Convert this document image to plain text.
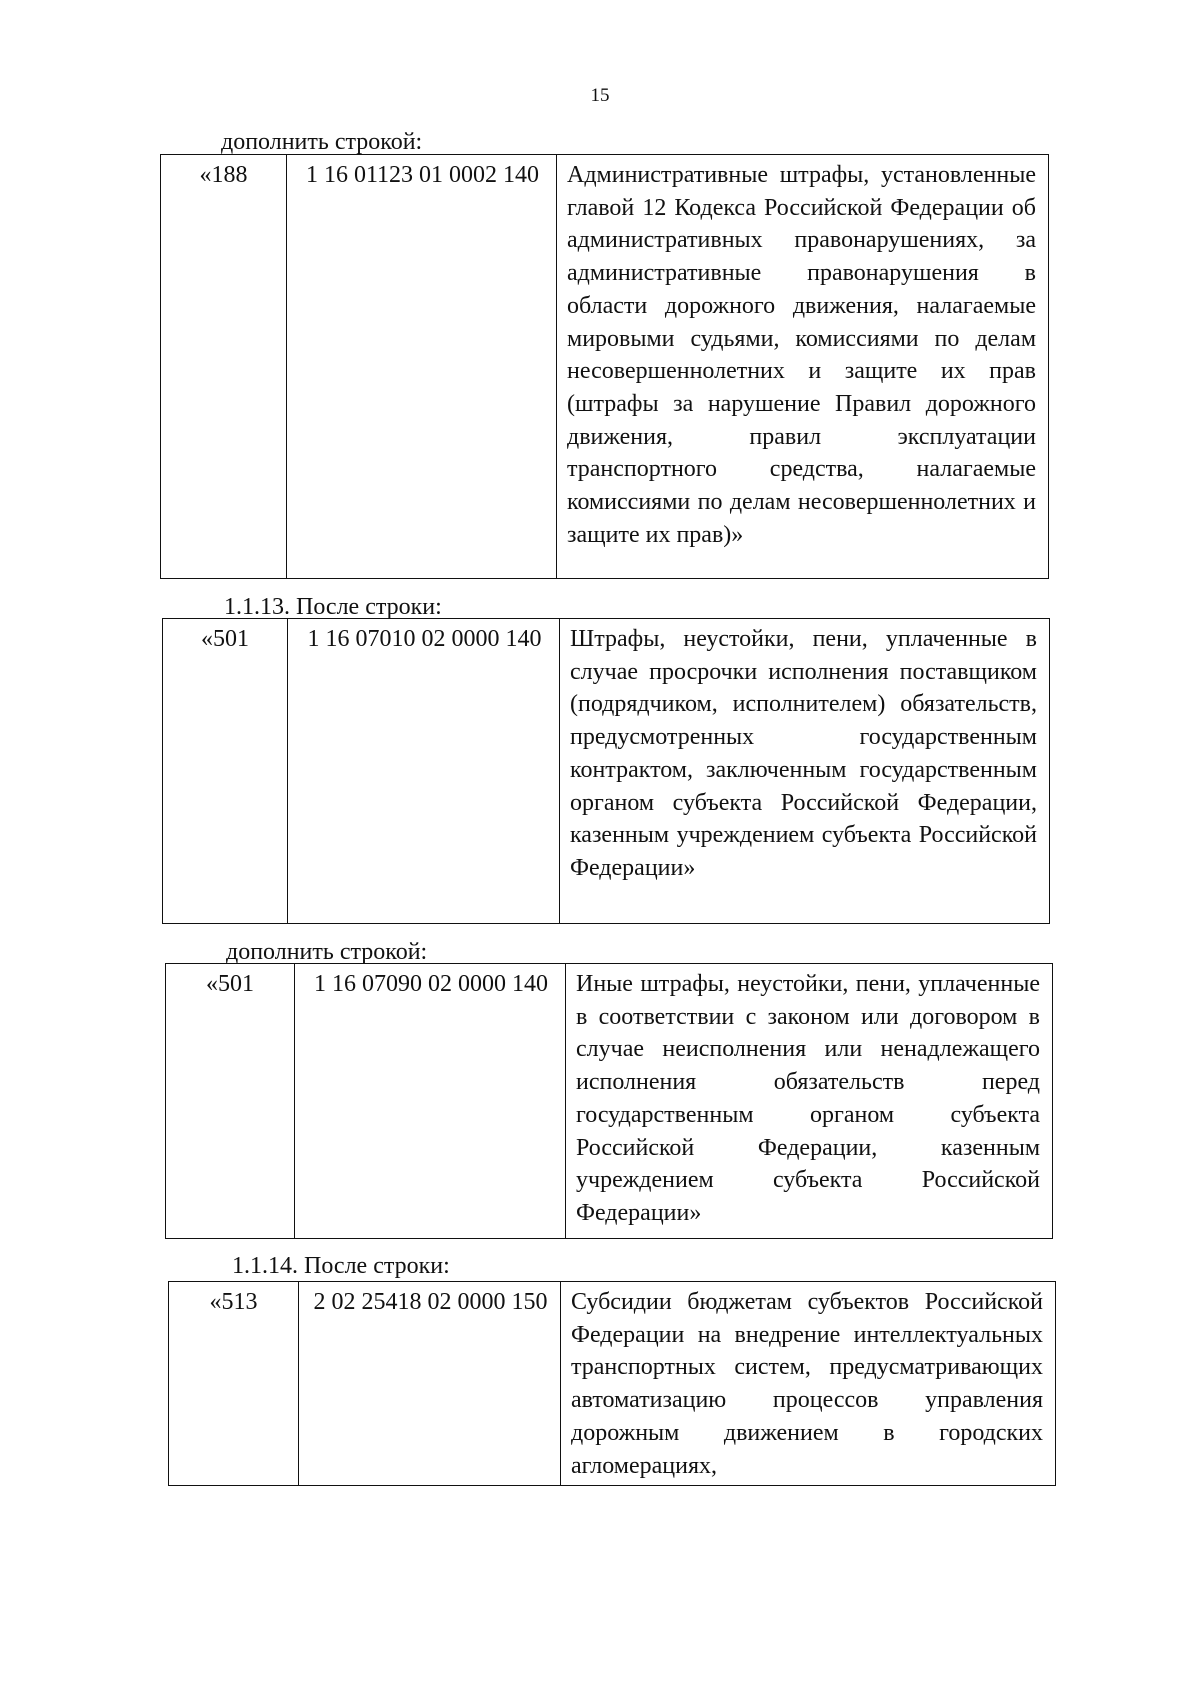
15
дополнить строкой:
«188	1 16 01123 01 0002 140	Административные штрафы, установленные главой 12 Кодекса Российской Федерации об административных правонарушениях, за административные правонарушения в области дорожного движения, налагаемые мировыми судьями, комиссиями по делам несовершеннолетних и защите их прав (штрафы за нарушение Правил дорожного движения, правил эксплуатации транспортного средства, налагаемые комиссиями по делам несовершеннолетних и защите их прав)»
1.1.13. После строки:
«501	1 16 07010 02 0000 140	Штрафы, неустойки, пени, уплаченные в случае просрочки исполнения поставщиком (подрядчиком, исполнителем) обязательств, предусмотренных государственным контрактом, заключенным государственным органом субъекта Российской Федерации, казенным учреждением субъекта Российской Федерации»
дополнить строкой:
«501	1 16 07090 02 0000 140	Иные штрафы, неустойки, пени, уплаченные в соответствии с законом или договором в случае неисполнения или ненадлежащего исполнения обязательств перед государственным органом субъекта Российской Федерации, казенным учреждением субъекта Российской Федерации»
1.1.14. После строки:
«513	2 02 25418 02 0000 150	Субсидии бюджетам субъектов Российской Федерации на внедрение интеллектуальных транспортных систем, предусматривающих автоматизацию процессов управления дорожным движением в городских агломерациях,
